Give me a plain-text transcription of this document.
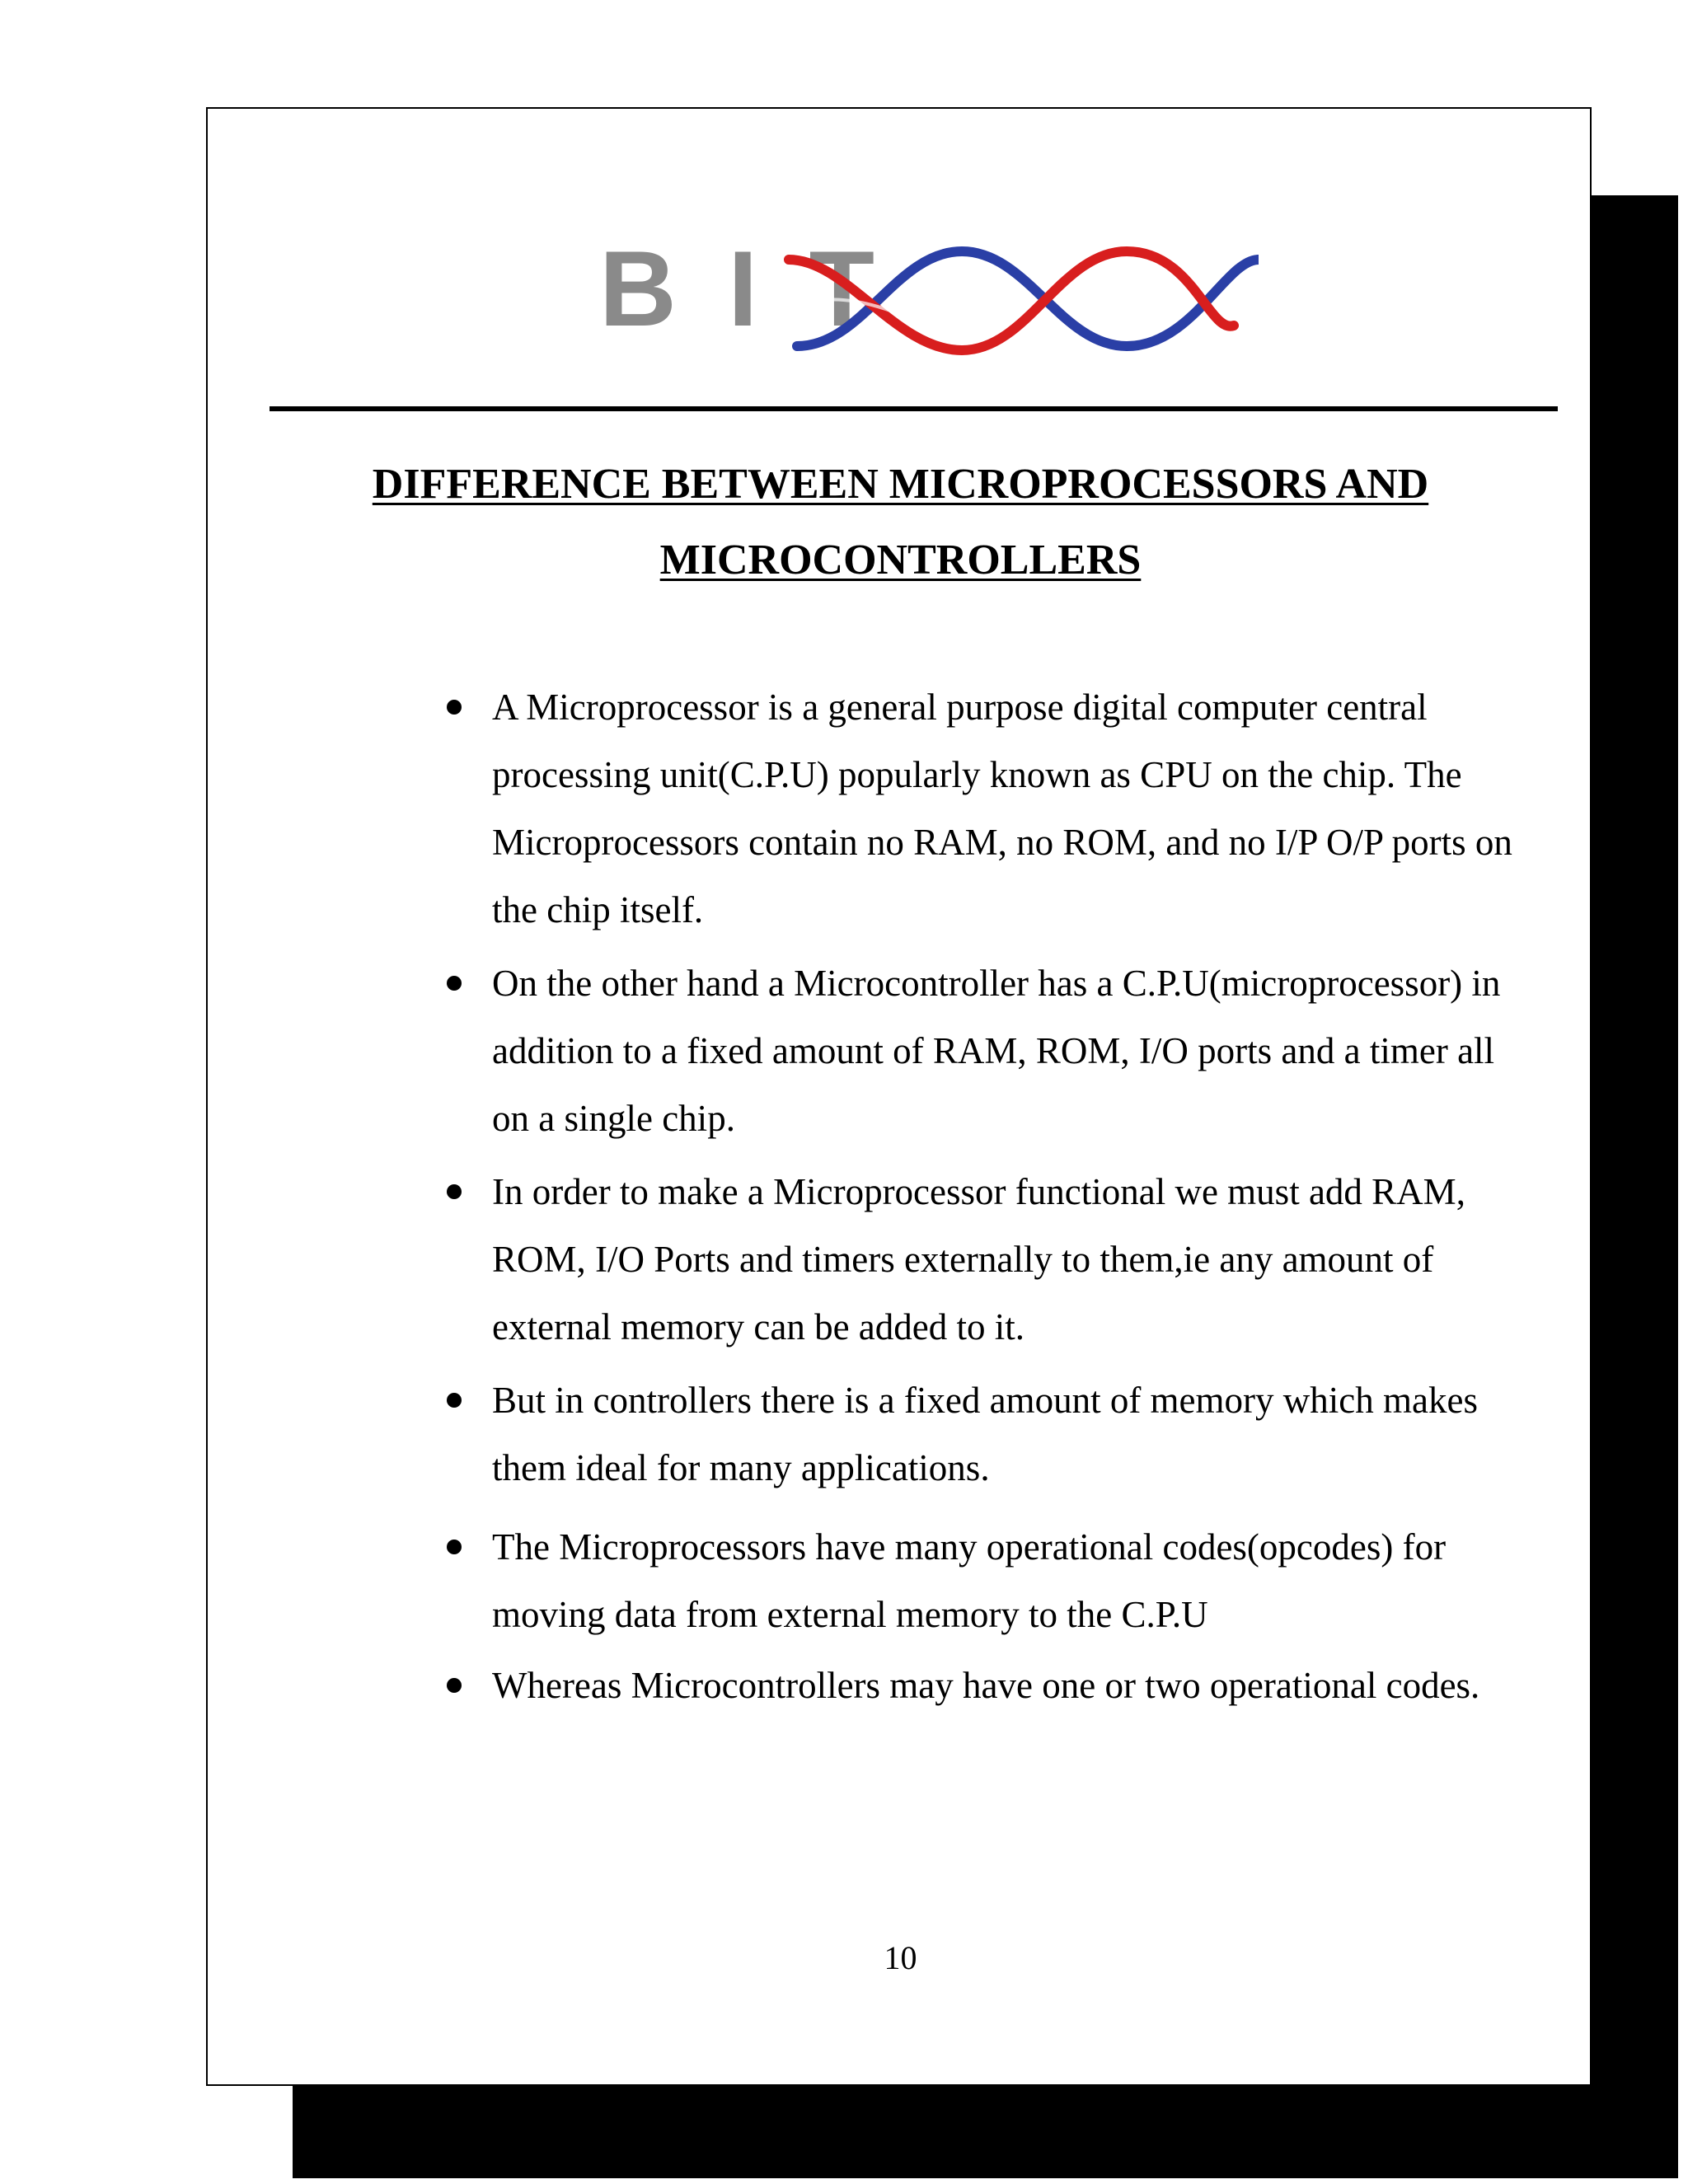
BIT
DIFFERENCE BETWEEN MICROPROCESSORS AND
MICROCONTROLLERS
A Microprocessor is a general purpose digital computer central processing unit(C.P.U) popularly known as CPU on the chip. The Microprocessors contain no RAM, no ROM, and no I/P O/P ports on the chip itself.
On the other hand a Microcontroller has a C.P.U(microprocessor) in addition to a fixed amount of RAM, ROM, I/O ports and a timer all on a single chip.
In order to make a Microprocessor functional we must add RAM, ROM, I/O Ports and timers externally to them,ie any amount of external memory can be added to it.
But in controllers there is a fixed amount of memory which makes them ideal for many applications.
The Microprocessors have many operational codes(opcodes) for moving data from external memory to the C.P.U
Whereas Microcontrollers may have one or two operational codes.
10
